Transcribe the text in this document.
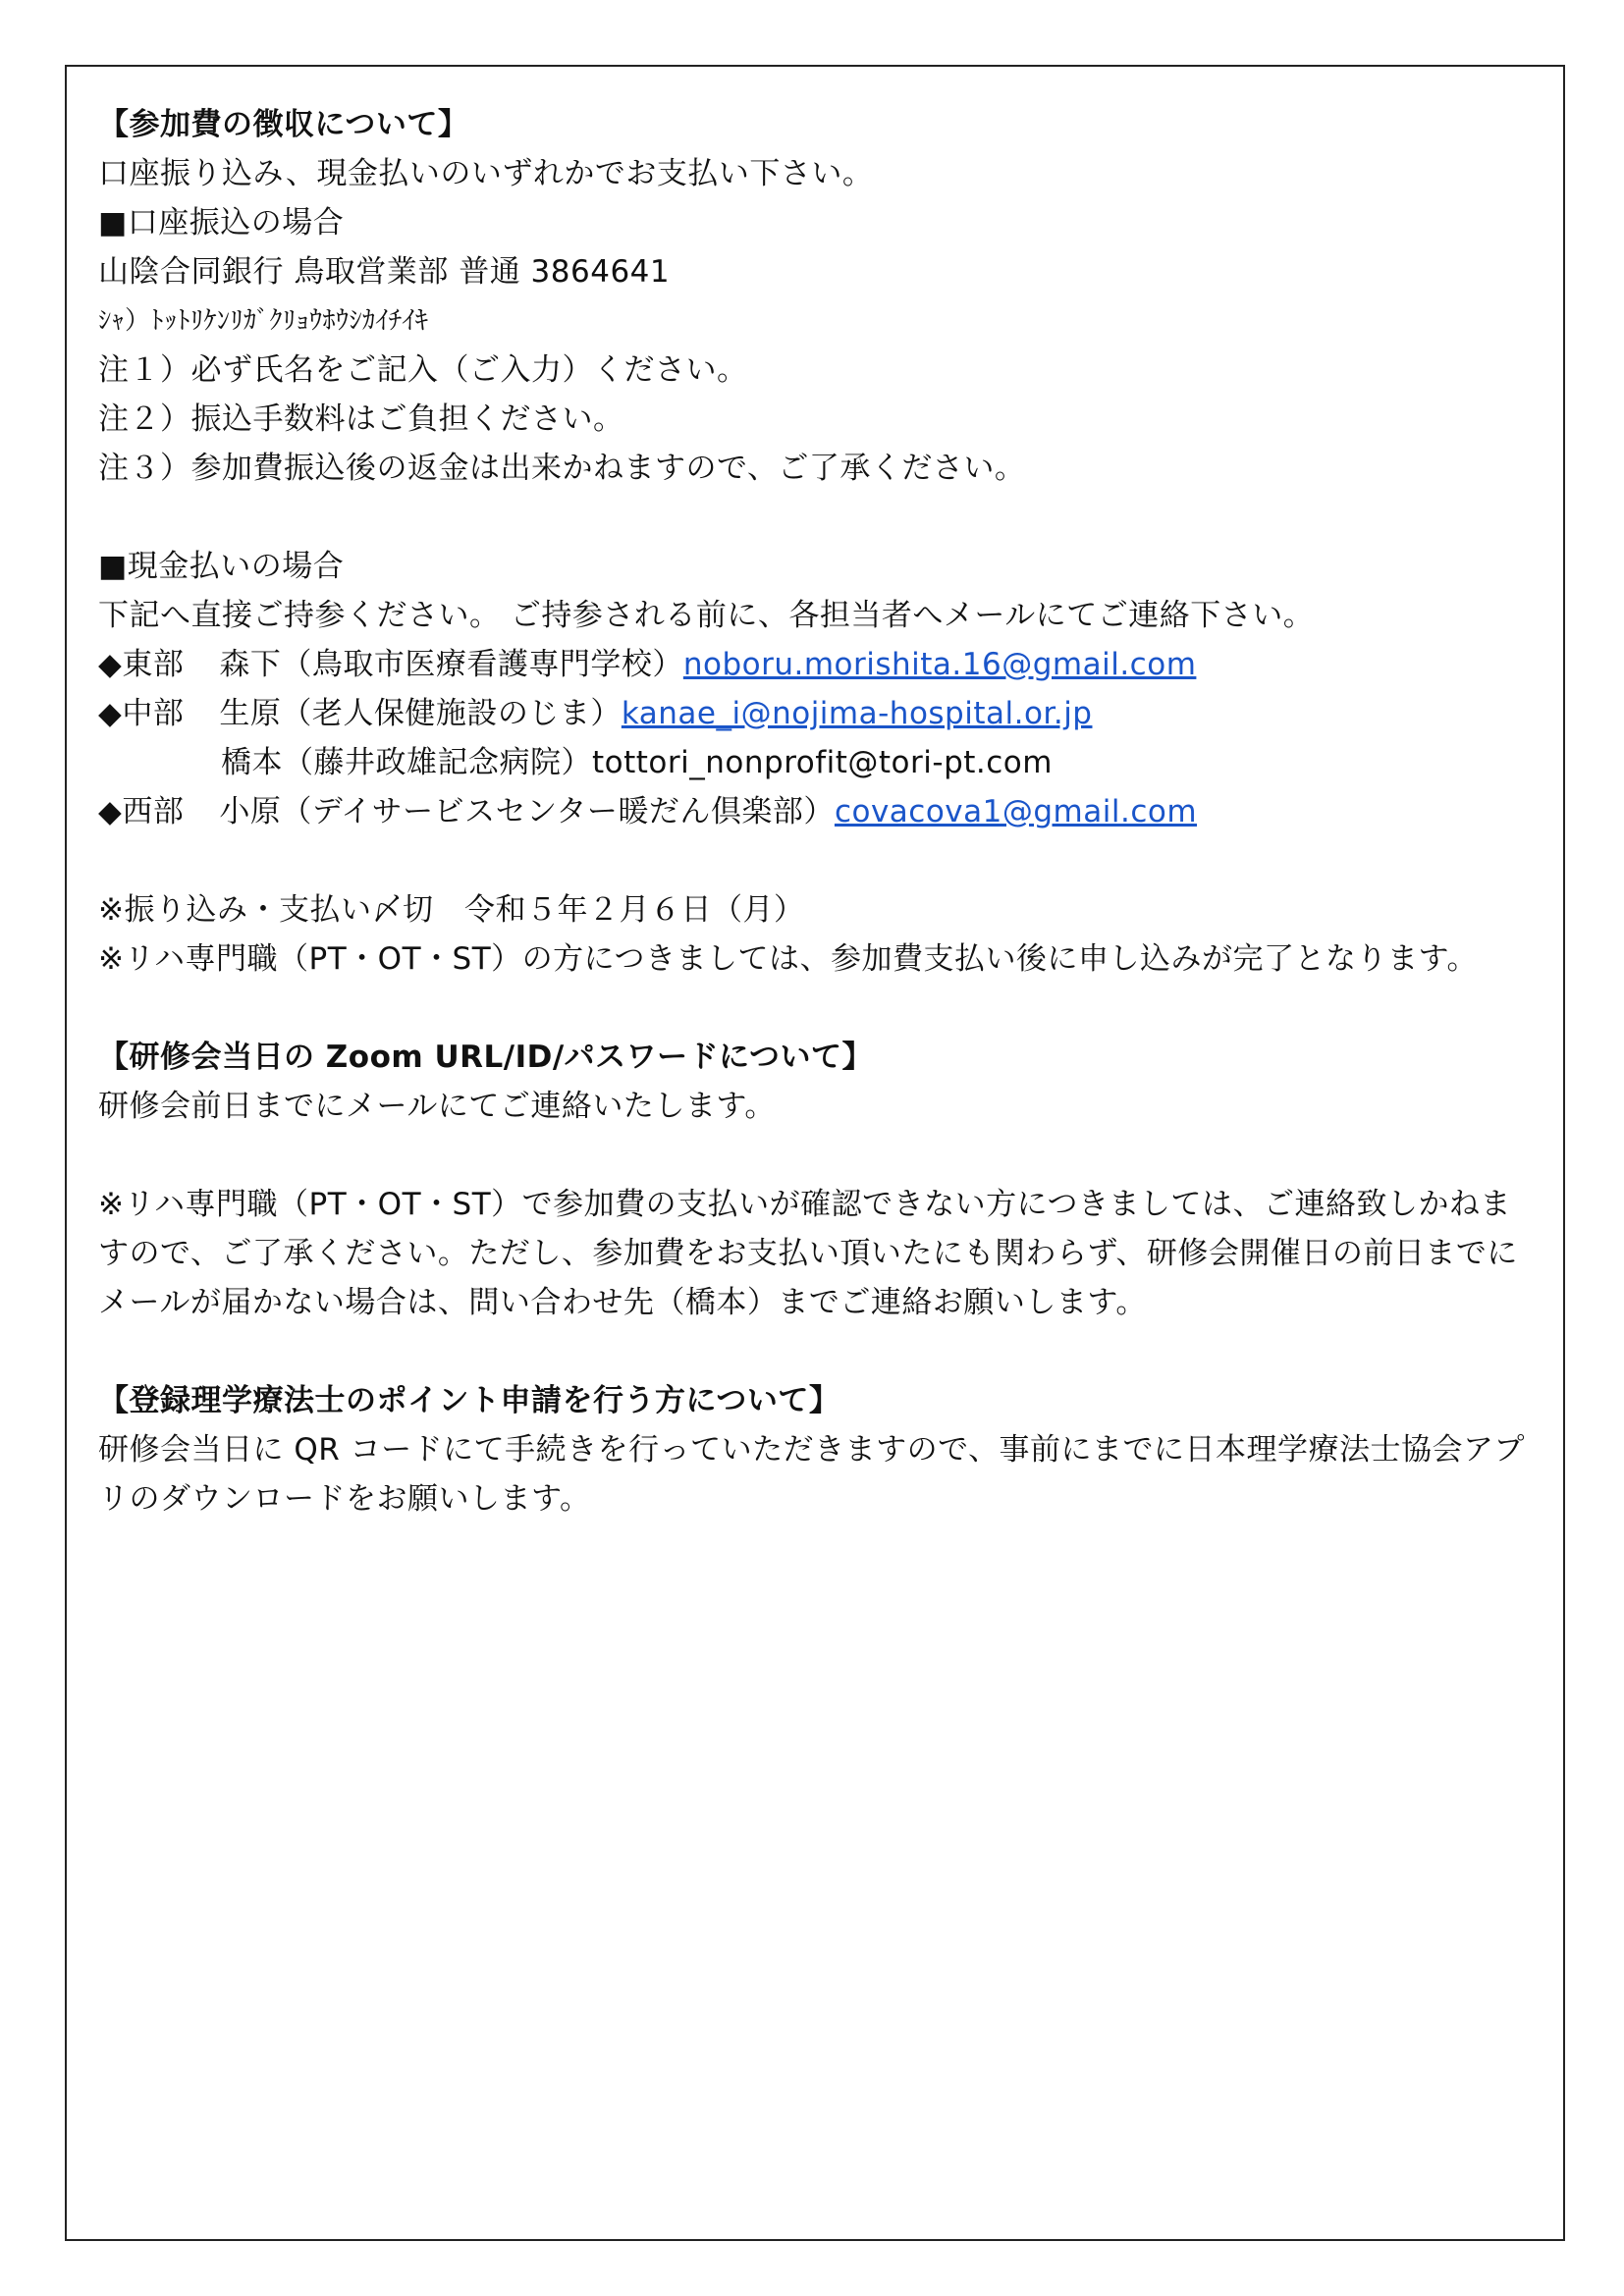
【参加費の徴収について】
口座振り込み、現金払いのいずれかでお支払い下さい。
■口座振込の場合
山陰合同銀行 鳥取営業部 普通 3864641
ｼｬ）ﾄｯﾄﾘｹﾝﾘｶﾞｸﾘｮｳﾎｳｼｶｲﾁｲｷ
注１）必ず氏名をご記入（ご入力）ください。
注２）振込手数料はご負担ください。
注３）参加費振込後の返金は出来かねますので、ご了承ください。
■現金払いの場合
下記へ直接ご持参ください。 ご持参される前に、各担当者へメールにてご連絡下さい。
◆東部 森下（鳥取市医療看護専門学校）noboru.morishita.16@gmail.com
◆中部 生原（老人保健施設のじま）kanae_i@nojima-hospital.or.jp
橋本（藤井政雄記念病院）tottori_nonprofit@tori-pt.com
◆西部 小原（デイサービスセンター暖だん倶楽部）covacova1@gmail.com
※振り込み・支払い〆切　令和５年２月６日（月）
※リハ専門職（PT・OT・ST）の方につきましては、参加費支払い後に申し込みが完了となります。
【研修会当日の Zoom URL/ID/パスワードについて】
研修会前日までにメールにてご連絡いたします。
※リハ専門職（PT・OT・ST）で参加費の支払いが確認できない方につきましては、ご連絡致しかねますので、ご了承ください。ただし、参加費をお支払い頂いたにも関わらず、研修会開催日の前日までにメールが届かない場合は、問い合わせ先（橋本）までご連絡お願いします。
【登録理学療法士のポイント申請を行う方について】
研修会当日に QR コードにて手続きを行っていただきますので、事前にまでに日本理学療法士協会アプリのダウンロードをお願いします。
